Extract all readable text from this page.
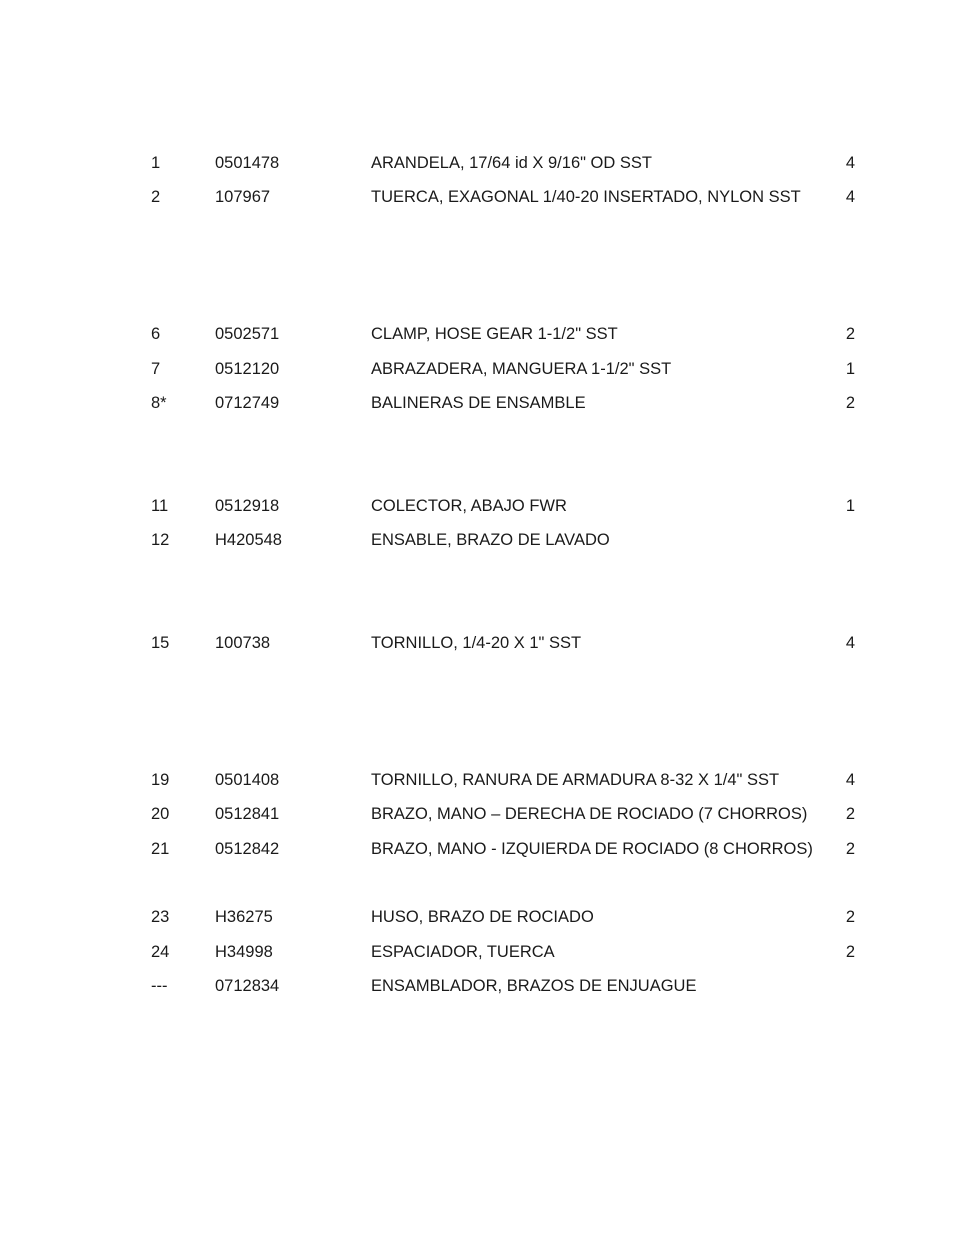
1	0501478	ARANDELA, 17/64 id X 9/16" OD SST	4
2	107967	TUERCA, EXAGONAL 1/40-20 INSERTADO, NYLON SST	4
6	0502571	CLAMP, HOSE GEAR 1-1/2" SST	2
7	0512120	ABRAZADERA, MANGUERA 1-1/2" SST	1
8*	0712749	BALINERAS DE ENSAMBLE	2
11	0512918	COLECTOR, ABAJO FWR	1
12	H420548	ENSABLE, BRAZO DE LAVADO
15	100738	TORNILLO, 1/4-20 X 1" SST	4
19	0501408	TORNILLO, RANURA DE ARMADURA 8-32 X 1/4" SST	4
20	0512841	BRAZO, MANO – DERECHA DE ROCIADO (7 CHORROS)	2
21	0512842	BRAZO, MANO - IZQUIERDA DE ROCIADO (8 CHORROS)	2
23	H36275	HUSO, BRAZO DE ROCIADO	2
24	H34998	ESPACIADOR, TUERCA	2
---	0712834	ENSAMBLADOR, BRAZOS DE ENJUAGUE
